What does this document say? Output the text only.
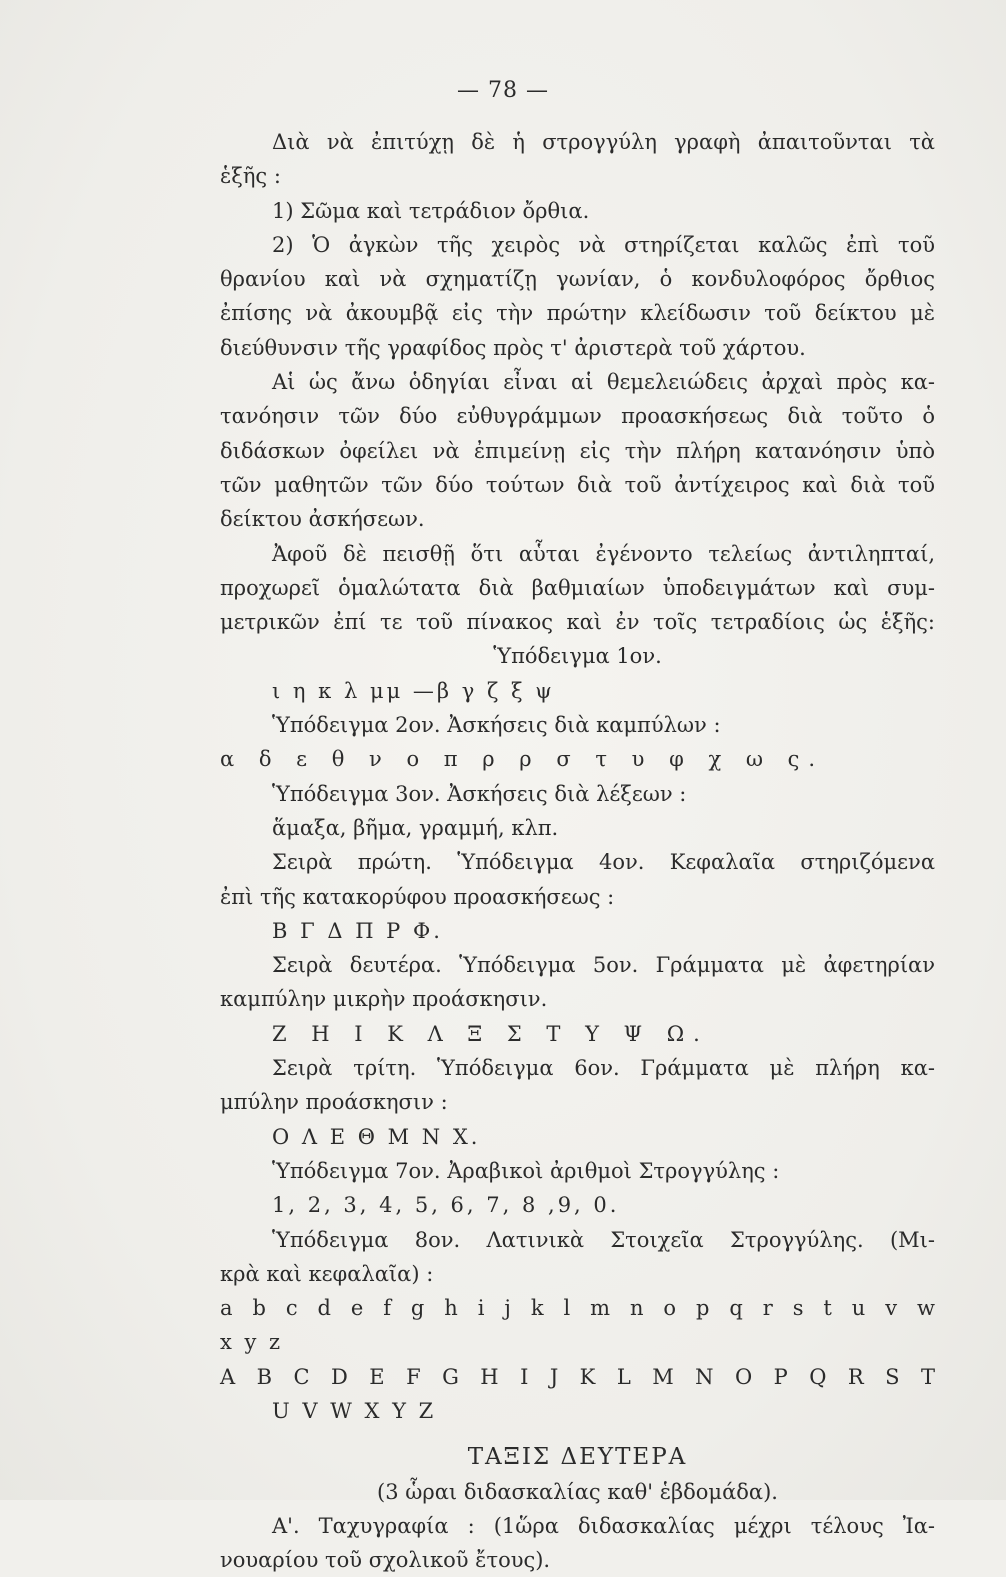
— 78 —

Διὰ νὰ ἐπιτύχῃ δὲ ἡ στρογγύλη γραφὴ ἀπαιτοῦνται τὰ

ἑξῆς :

1) Σῶμα καὶ τετράδιον ὄρθια.

2) Ὁ ἀγκὼν τῆς χειρὸς νὰ στηρίζεται καλῶς ἐπὶ τοῦ

θρανίου καὶ νὰ σχηματίζῃ γωνίαν, ὁ κονδυλοφόρος ὄρθιος

ἐπίσης νὰ ἀκουμβᾷ εἰς τὴν πρώτην κλείδωσιν τοῦ δείκτου μὲ

διεύθυνσιν τῆς γραφίδος πρὸς τ' ἀριστερὰ τοῦ χάρτου.

Αἱ ὡς ἄνω ὁδηγίαι εἶναι αἱ θεμελειώδεις ἀρχαὶ πρὸς κα-

τανόησιν τῶν δύο εὐθυγράμμων προασκήσεως διὰ τοῦτο ὁ

διδάσκων ὀφείλει νὰ ἐπιμείνῃ εἰς τὴν πλήρη κατανόησιν ὑπὸ

τῶν μαθητῶν τῶν δύο τούτων διὰ τοῦ ἀντίχειρος καὶ διὰ τοῦ

δείκτου ἀσκήσεων.

Ἀφοῦ δὲ πεισθῇ ὅτι αὗται ἐγένοντο τελείως ἀντιληπταί,

προχωρεῖ ὁμαλώτατα διὰ βαθμιαίων ὑποδειγμάτων καὶ συμ-

μετρικῶν ἐπί τε τοῦ πίνακος καὶ ἐν τοῖς τετραδίοις ὡς ἑξῆς:

Ὑπόδειγμα 1ον.

ι η κ λ μμ —β γ ζ ξ ψ

Ὑπόδειγμα 2ον. Ἀσκήσεις διὰ καμπύλων :

α δ ε θ ν ο π ρ ρ σ τ υ φ χ ω ς.

Ὑπόδειγμα 3ον. Ἀσκήσεις διὰ λέξεων :

ἅμαξα, βῆμα, γραμμή, κλπ.

Σειρὰ πρώτη. Ὑπόδειγμα 4ον. Κεφαλαῖα στηριζόμενα

ἐπὶ τῆς κατακορύφου προασκήσεως :

Β Γ Δ Π Ρ Φ.

Σειρὰ δευτέρα. Ὑπόδειγμα 5ον. Γράμματα μὲ ἀφετηρίαν

καμπύλην μικρὴν προάσκησιν.

Ζ Η Ι Κ Λ Ξ Σ Τ Υ Ψ Ω.

Σειρὰ τρίτη. Ὑπόδειγμα 6ον. Γράμματα μὲ πλήρη κα-

μπύλην προάσκησιν :

Ο Λ Ε Θ Μ Ν Χ.

Ὑπόδειγμα 7ον. Ἀραβικοὶ ἀριθμοὶ Στρογγύλης :

1, 2, 3, 4, 5, 6, 7, 8 ,9, 0.

Ὑπόδειγμα 8ον. Λατινικὰ Στοιχεῖα Στρογγύλης. (Μι-

κρὰ καὶ κεφαλαῖα) :

a b c d e f g h i j k l m n o p q r s t u v w

x y z

A B C D E F G H I J K L M N O P Q R S T

U V W X Y Z

ΤΑΞΙΣ ΔΕΥΤΕΡΑ

(3 ὧραι διδασκαλίας καθ' ἑβδομάδα).

Α'. Ταχυγραφία : (1ὥρα διδασκαλίας μέχρι τέλους Ἰα-

νουαρίου τοῦ σχολικοῦ ἔτους).
